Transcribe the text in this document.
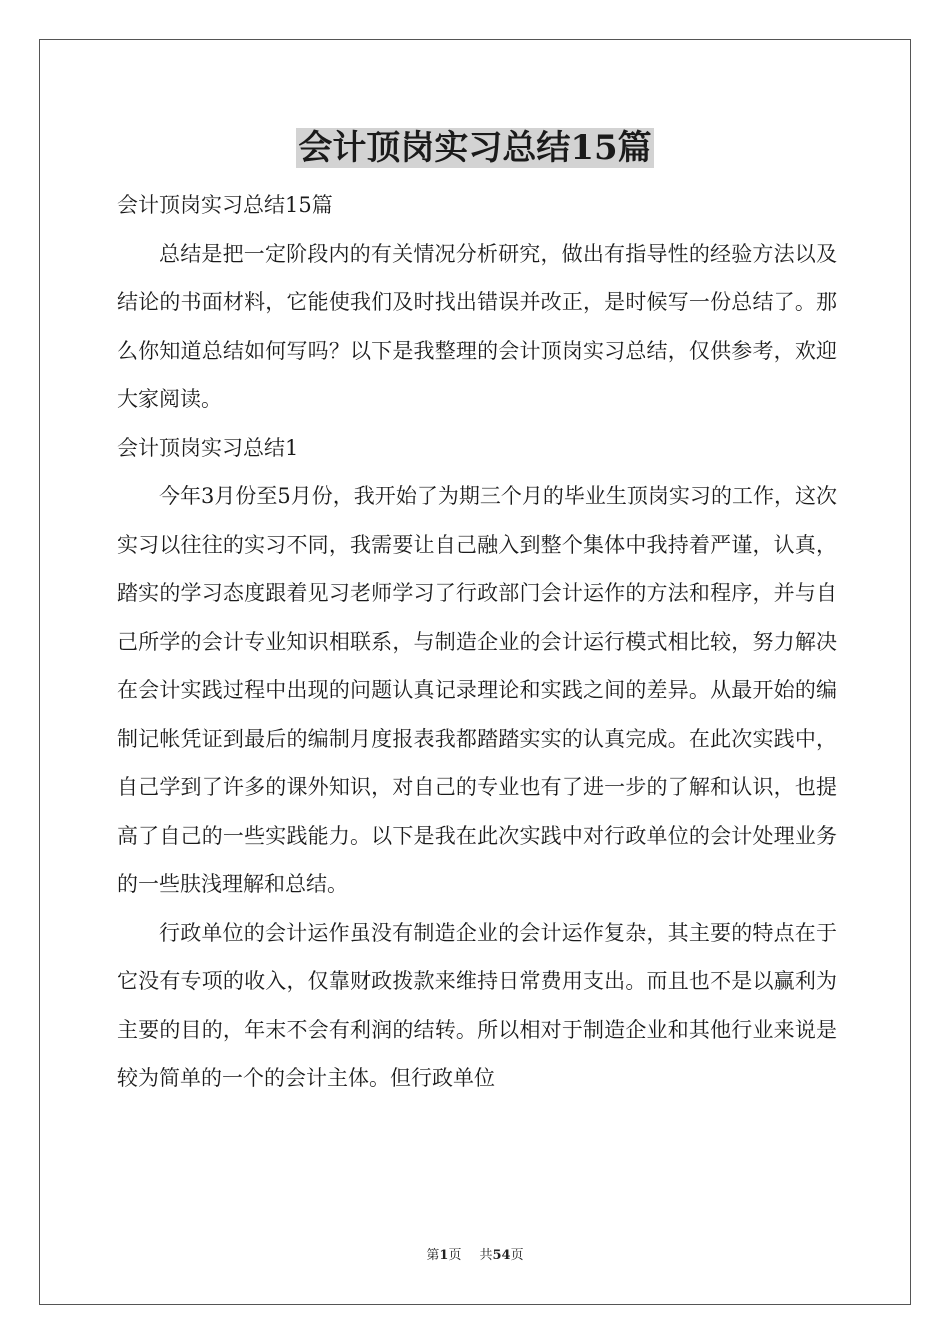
会计顶岗实习总结15篇

会计顶岗实习总结15篇

总结是把一定阶段内的有关情况分析研究，做出有指导性的经验方法以及结论的书面材料，它能使我们及时找出错误并改正，是时候写一份总结了。那么你知道总结如何写吗？以下是我整理的会计顶岗实习总结，仅供参考，欢迎大家阅读。

会计顶岗实习总结1

今年3月份至5月份，我开始了为期三个月的毕业生顶岗实习的工作，这次实习以往往的实习不同，我需要让自己融入到整个集体中我持着严谨，认真，踏实的学习态度跟着见习老师学习了行政部门会计运作的方法和程序，并与自己所学的会计专业知识相联系，与制造企业的会计运行模式相比较，努力解决在会计实践过程中出现的问题认真记录理论和实践之间的差异。从最开始的编制记帐凭证到最后的编制月度报表我都踏踏实实的认真完成。在此次实践中，自己学到了许多的课外知识，对自己的专业也有了进一步的了解和认识，也提高了自己的一些实践能力。以下是我在此次实践中对行政单位的会计处理业务的一些肤浅理解和总结。

行政单位的会计运作虽没有制造企业的会计运作复杂，其主要的特点在于它没有专项的收入，仅靠财政拨款来维持日常费用支出。而且也不是以赢利为主要的目的，年末不会有利润的结转。所以相对于制造企业和其他行业来说是较为简单的一个的会计主体。但行政单位

第1页 共54页
